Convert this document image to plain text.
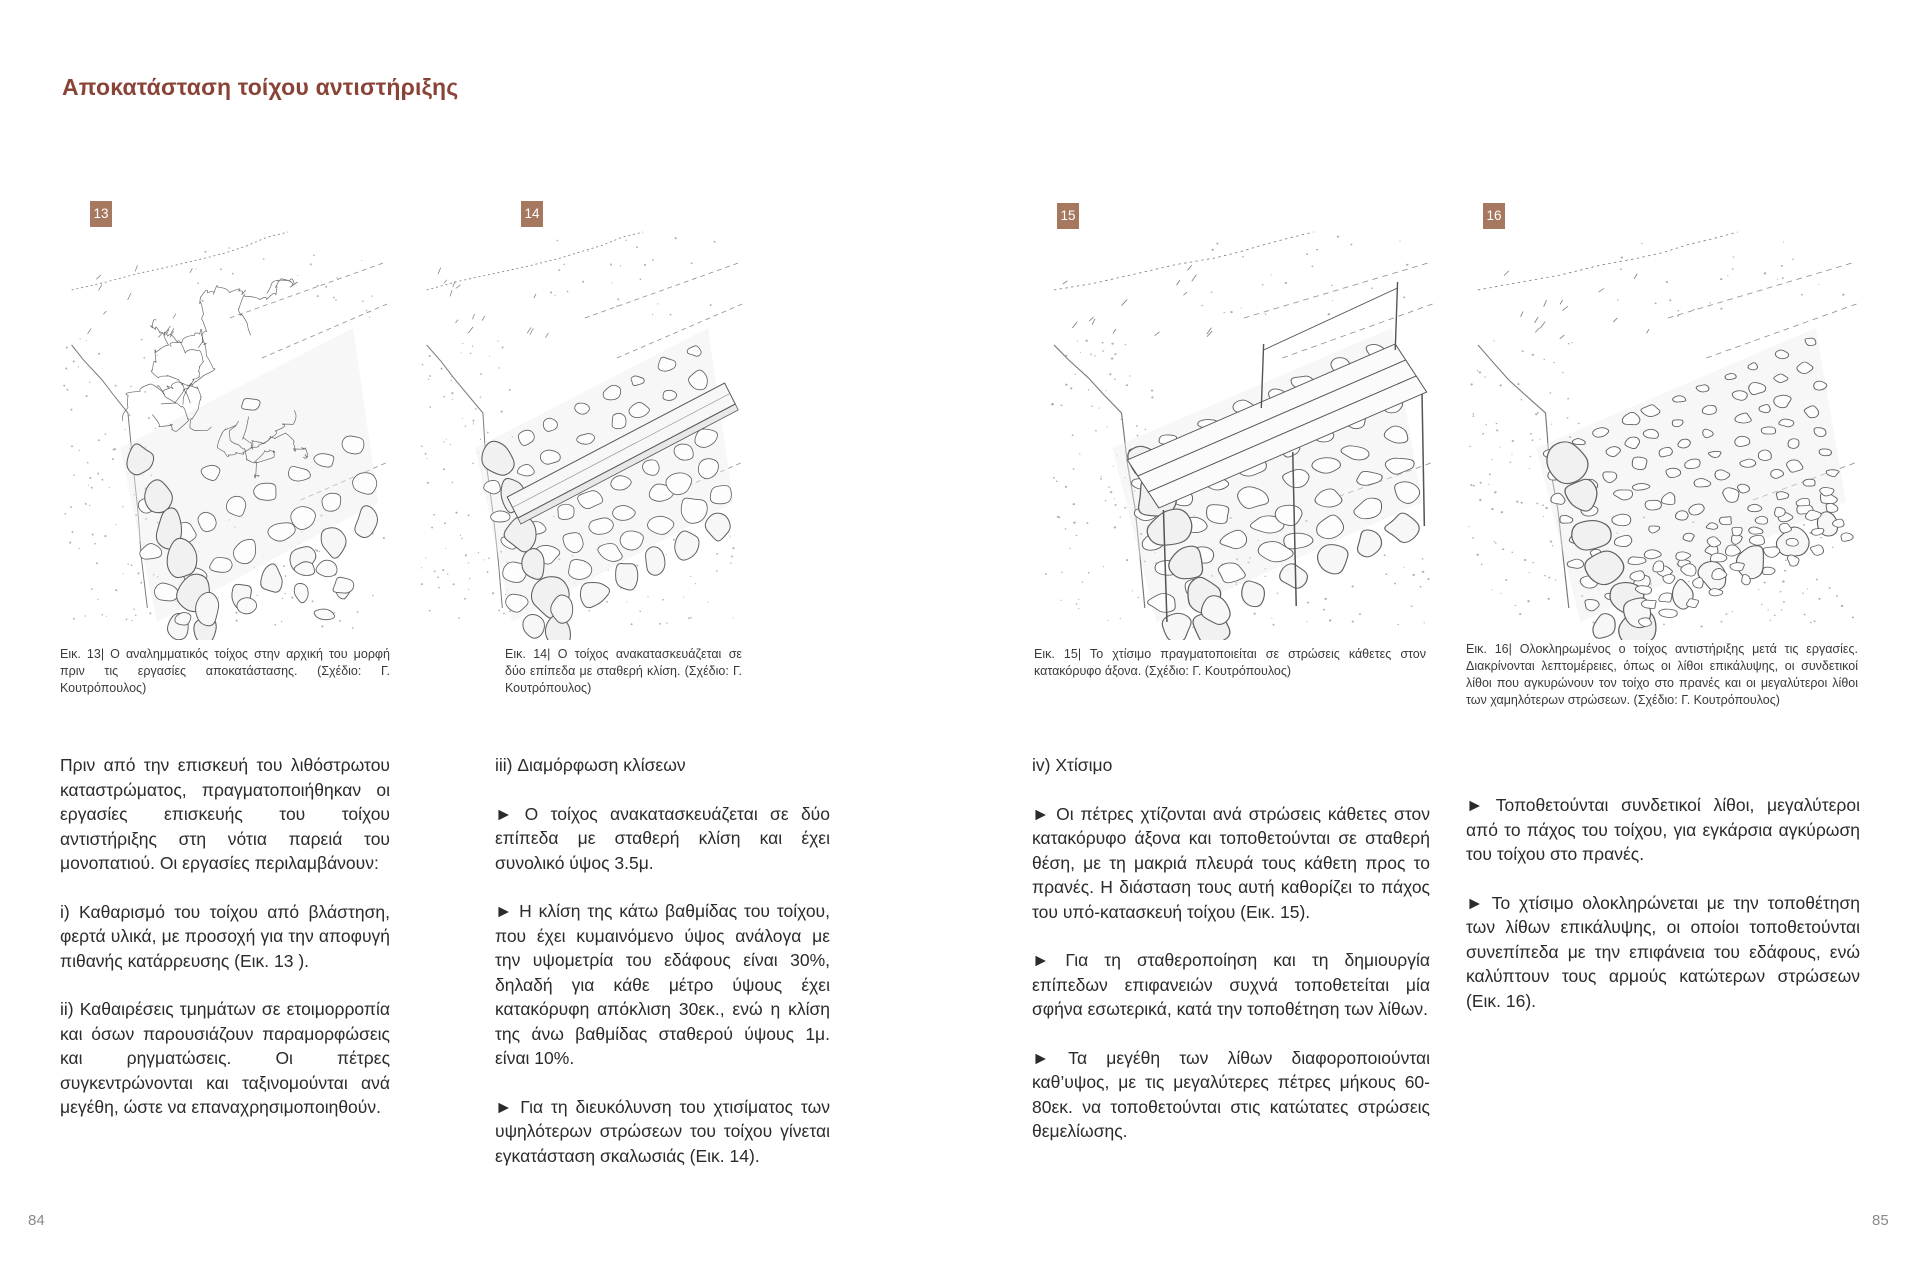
Αποκατάσταση τοίχου αντιστήριξης
13	14	15	16
Εικ. 13| Ο αναλημματικός τοίχος στην αρχική του μορφή πριν τις εργασίες αποκατάστασης. (Σχέδιο: Γ. Κουτρόπουλος)
Εικ. 14| Ο τοίχος ανακατασκευάζεται σε δύο επίπεδα με σταθερή κλίση. (Σχέδιο: Γ. Κουτρόπουλος)
Εικ. 15| Το χτίσιμο πραγματοποιείται σε στρώσεις κάθετες στον κατακόρυφο άξονα. (Σχέδιο: Γ. Κουτρόπουλος)
Εικ. 16| Ολοκληρωμένος ο τοίχος αντιστήριξης μετά τις εργασίες. Διακρίνονται λεπτομέρειες, όπως οι λίθοι επικάλυψης, οι συνδετικοί λίθοι που αγκυρώνουν τον τοίχο στο πρανές και οι μεγαλύτεροι λίθοι των χαμηλότερων στρώσεων. (Σχέδιο: Γ. Κουτρόπουλος)

Πριν από την επισκευή του λιθόστρωτου καταστρώματος, πραγματοποιήθηκαν οι εργασίες επισκευής του τοίχου αντιστήριξης στη νότια παρειά του μονοπατιού. Οι εργασίες περιλαμβάνουν:

i) Καθαρισμό του τοίχου από βλάστηση, φερτά υλικά, με προσοχή για την αποφυγή πιθανής κατάρρευσης (Εικ. 13 ).

ii) Καθαιρέσεις τμημάτων σε ετοιμορροπία και όσων παρουσιάζουν παραμορφώσεις και ρηγματώσεις. Οι πέτρες συγκεντρώνονται και ταξινομούνται ανά μεγέθη, ώστε να επαναχρησιμοποιηθούν.

iii) Διαμόρφωση κλίσεων

► Ο τοίχος ανακατασκευάζεται σε δύο επίπεδα με σταθερή κλίση και έχει συνολικό ύψος 3.5μ.

► Η κλίση της κάτω βαθμίδας του τοίχου, που έχει κυμαινόμενο ύψος ανάλογα με την υψομετρία του εδάφους είναι 30%, δηλαδή για κάθε μέτρο ύψους έχει κατακόρυφη απόκλιση 30εκ., ενώ η κλίση της άνω βαθμίδας σταθερού ύψους 1μ. είναι 10%.

► Για τη διευκόλυνση του χτισίματος των υψηλότερων στρώσεων του τοίχου γίνεται εγκατάσταση σκαλωσιάς (Εικ. 14).

iv) Χτίσιμο

► Οι πέτρες χτίζονται ανά στρώσεις κάθετες στον κατακόρυφο άξονα και τοποθετούνται σε σταθερή θέση, με τη μακριά πλευρά τους κάθετη προς το πρανές. Η διάσταση τους αυτή καθορίζει το πάχος του υπό-κατασκευή τοίχου (Εικ. 15).

► Για τη σταθεροποίηση και τη δημιουργία επίπεδων επιφανειών συχνά τοποθετείται μία σφήνα εσωτερικά, κατά την τοποθέτηση των λίθων.

► Τα μεγέθη των λίθων διαφοροποιούνται καθ’υψος, με τις μεγαλύτερες πέτρες μήκους 60-80εκ. να τοποθετούνται στις κατώτατες στρώσεις θεμελίωσης.

► Τοποθετούνται συνδετικοί λίθοι, μεγαλύτεροι από το πάχος του τοίχου, για εγκάρσια αγκύρωση του τοίχου στο πρανές.

► Το χτίσιμο ολοκληρώνεται με την τοποθέτηση των λίθων επικάλυψης, οι οποίοι τοποθετούνται συνεπίπεδα με την επιφάνεια του εδάφους, ενώ καλύπτουν τους αρμούς κατώτερων στρώσεων (Εικ. 16).

84	85
